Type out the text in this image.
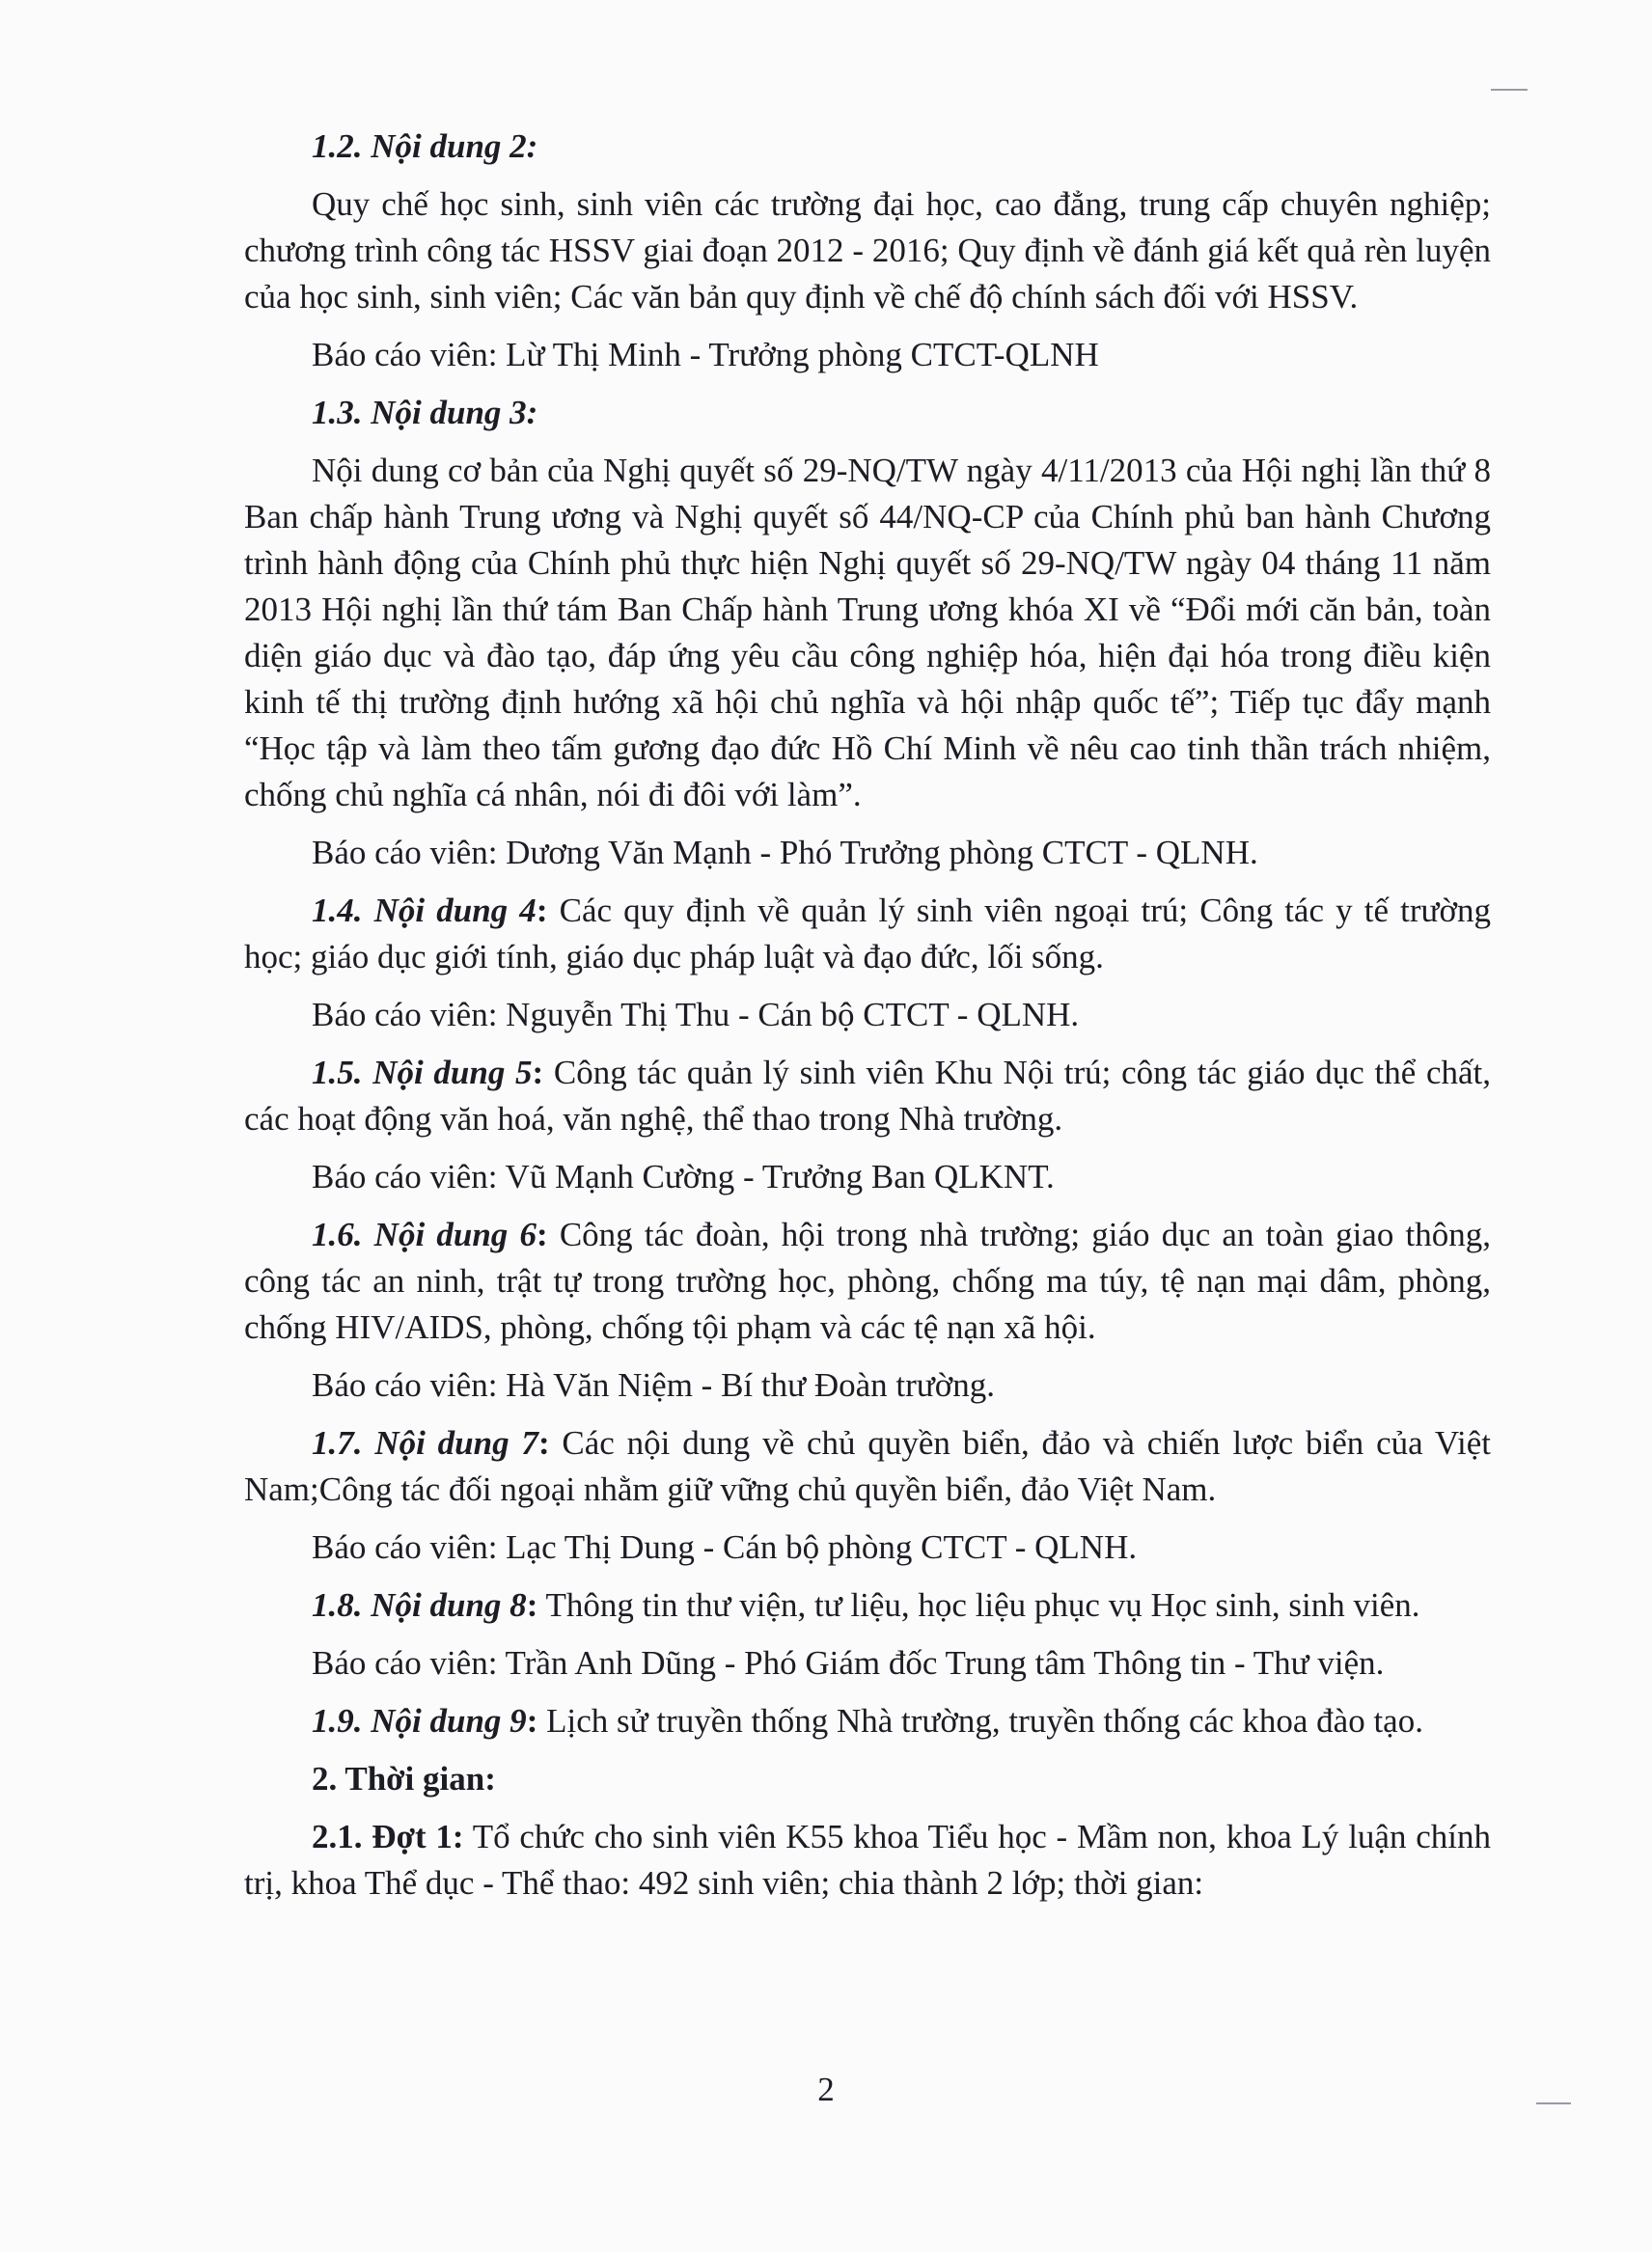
1.2. Nội dung 2:

Quy chế học sinh, sinh viên các trường đại học, cao đẳng, trung cấp chuyên nghiệp; chương trình công tác HSSV giai đoạn 2012 - 2016; Quy định về đánh giá kết quả rèn luyện của học sinh, sinh viên; Các văn bản quy định về chế độ chính sách đối với HSSV.

Báo cáo viên: Lừ Thị Minh - Trưởng phòng CTCT-QLNH

1.3. Nội dung 3:

Nội dung cơ bản của Nghị quyết số 29-NQ/TW ngày 4/11/2013 của Hội nghị lần thứ 8 Ban chấp hành Trung ương và Nghị quyết số 44/NQ-CP của Chính phủ ban hành Chương trình hành động của Chính phủ thực hiện Nghị quyết số 29-NQ/TW ngày 04 tháng 11 năm 2013 Hội nghị lần thứ tám Ban Chấp hành Trung ương khóa XI về “Đổi mới căn bản, toàn diện giáo dục và đào tạo, đáp ứng yêu cầu công nghiệp hóa, hiện đại hóa trong điều kiện kinh tế thị trường định hướng xã hội chủ nghĩa và hội nhập quốc tế”; Tiếp tục đẩy mạnh “Học tập và làm theo tấm gương đạo đức Hồ Chí Minh về nêu cao tinh thần trách nhiệm, chống chủ nghĩa cá nhân, nói đi đôi với làm”.

Báo cáo viên: Dương Văn Mạnh - Phó Trưởng phòng CTCT - QLNH.

1.4. Nội dung 4: Các quy định về quản lý sinh viên ngoại trú; Công tác y tế trường học; giáo dục giới tính, giáo dục pháp luật và đạo đức, lối sống.

Báo cáo viên: Nguyễn Thị Thu - Cán bộ CTCT - QLNH.

1.5. Nội dung 5: Công tác quản lý sinh viên Khu Nội trú; công tác giáo dục thể chất, các hoạt động văn hoá, văn nghệ, thể thao trong Nhà trường.

Báo cáo viên: Vũ Mạnh Cường - Trưởng Ban QLKNT.

1.6. Nội dung 6: Công tác đoàn, hội trong nhà trường; giáo dục an toàn giao thông, công tác an ninh, trật tự trong trường học, phòng, chống ma túy, tệ nạn mại dâm, phòng, chống HIV/AIDS, phòng, chống tội phạm và các tệ nạn xã hội.

Báo cáo viên: Hà Văn Niệm - Bí thư Đoàn trường.

1.7. Nội dung 7: Các nội dung về chủ quyền biển, đảo và chiến lược biển của Việt Nam;Công tác đối ngoại nhằm giữ vững chủ quyền biển, đảo Việt Nam.

Báo cáo viên: Lạc Thị Dung - Cán bộ phòng CTCT - QLNH.

1.8. Nội dung 8: Thông tin thư viện, tư liệu, học liệu phục vụ Học sinh, sinh viên.

Báo cáo viên: Trần Anh Dũng - Phó Giám đốc Trung tâm Thông tin - Thư viện.

1.9. Nội dung 9: Lịch sử truyền thống Nhà trường, truyền thống các khoa đào tạo.

2. Thời gian:

2.1. Đợt 1: Tổ chức cho sinh viên K55 khoa Tiểu học - Mầm non, khoa Lý luận chính trị, khoa Thể dục - Thể thao: 492 sinh viên; chia thành 2 lớp; thời gian:

2
